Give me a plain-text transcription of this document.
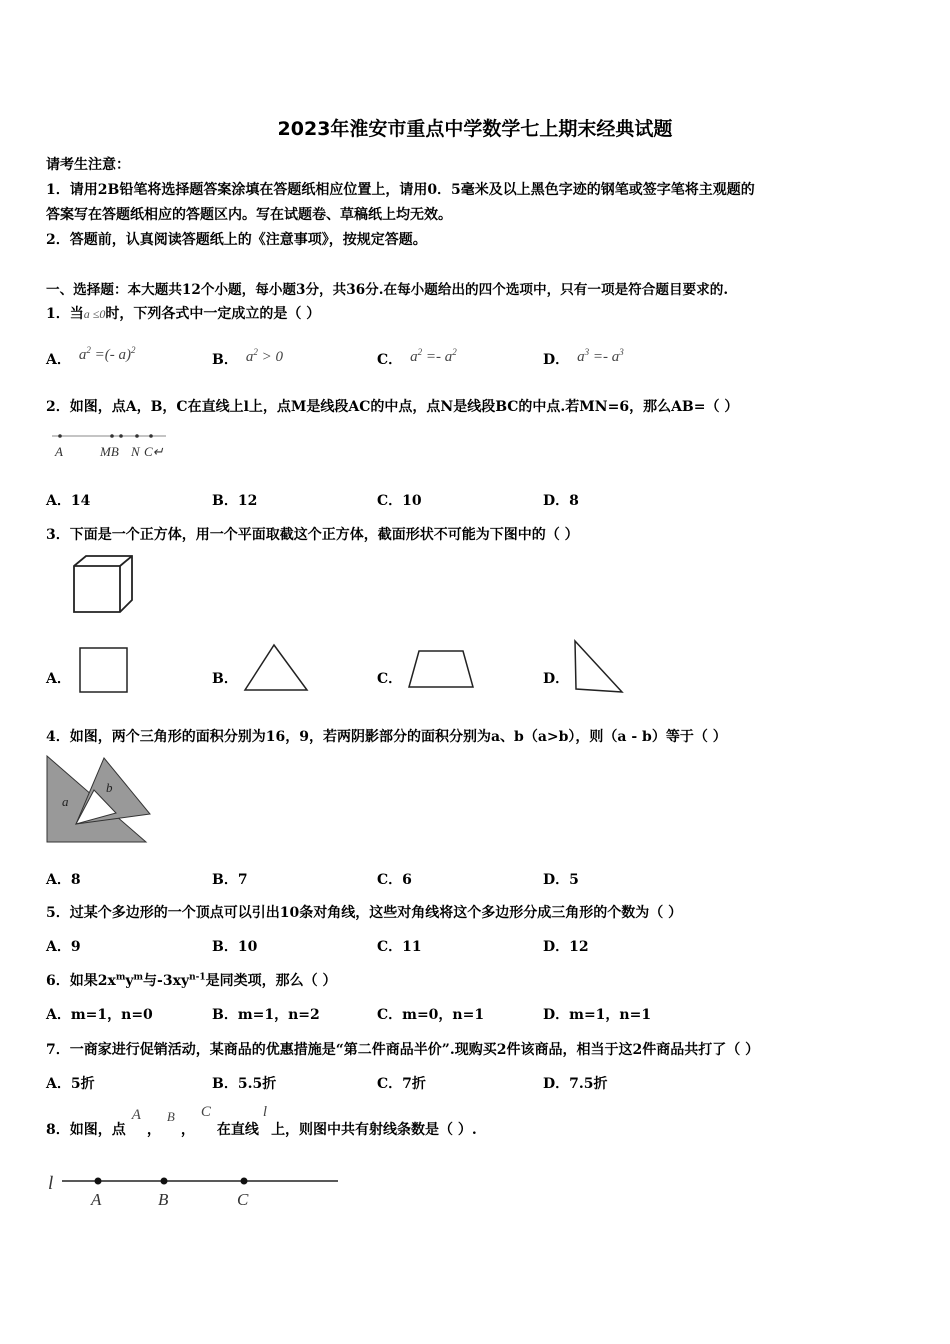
2023年淮安市重点中学数学七上期末经典试题
请考生注意：
1．请用2B铅笔将选择题答案涂填在答题纸相应位置上，请用0．5毫米及以上黑色字迹的钢笔或签字笔将主观题的
答案写在答题纸相应的答题区内。写在试题卷、草稿纸上均无效。
2．答题前，认真阅读答题纸上的《注意事项》，按规定答题。
一、选择题：本大题共12个小题，每小题3分，共36分.在每小题给出的四个选项中，只有一项是符合题目要求的.
1．当a ≤0时，下列各式中一定成立的是（ ）
A． $a^2$ =(- a)$^2$
B． $a^2 > 0$	C． $a^2 =- a^2$	D． $a^3 =- a^3$
2．如图，点A，B，C在直线上l上，点M是线段AC的中点，点N是线段BC的中点.若MN=6，那么AB=（ ）
A	MB N C↵
A．14	B．12	C．10	D．8
3．下面是一个正方体，用一个平面取截这个正方体，截面形状不可能为下图中的（ ）
A．	B．	C．	D．
4．如图，两个三角形的面积分别为16，9，若两阴影部分的面积分别为a、b（a>b），则（a - b）等于（ ）
a
b
A．8	B．7	C．6	D．5
5．过某个多边形的一个顶点可以引出10条对角线，这些对角线将这个多边形分成三角形的个数为（ ）
A．9	B．10	C．11	D．12
6．如果$2x^my^m$与$-3xy^{n-1}$是同类项，那么（ ）
A．m=1，n=0	B．m=1，n=2	C．m=0，n=1	D．m=1，n=1
7．一商家进行促销活动，某商品的优惠措施是“第二件商品半价”.现购买2件该商品，相当于这2件商品共打了（ ）
A．5折	B．5.5折	C．7折	D．7.5折
8．如图，点A，B，C在直线l上，则图中共有射线条数是（ ）.
l
A	B	C
